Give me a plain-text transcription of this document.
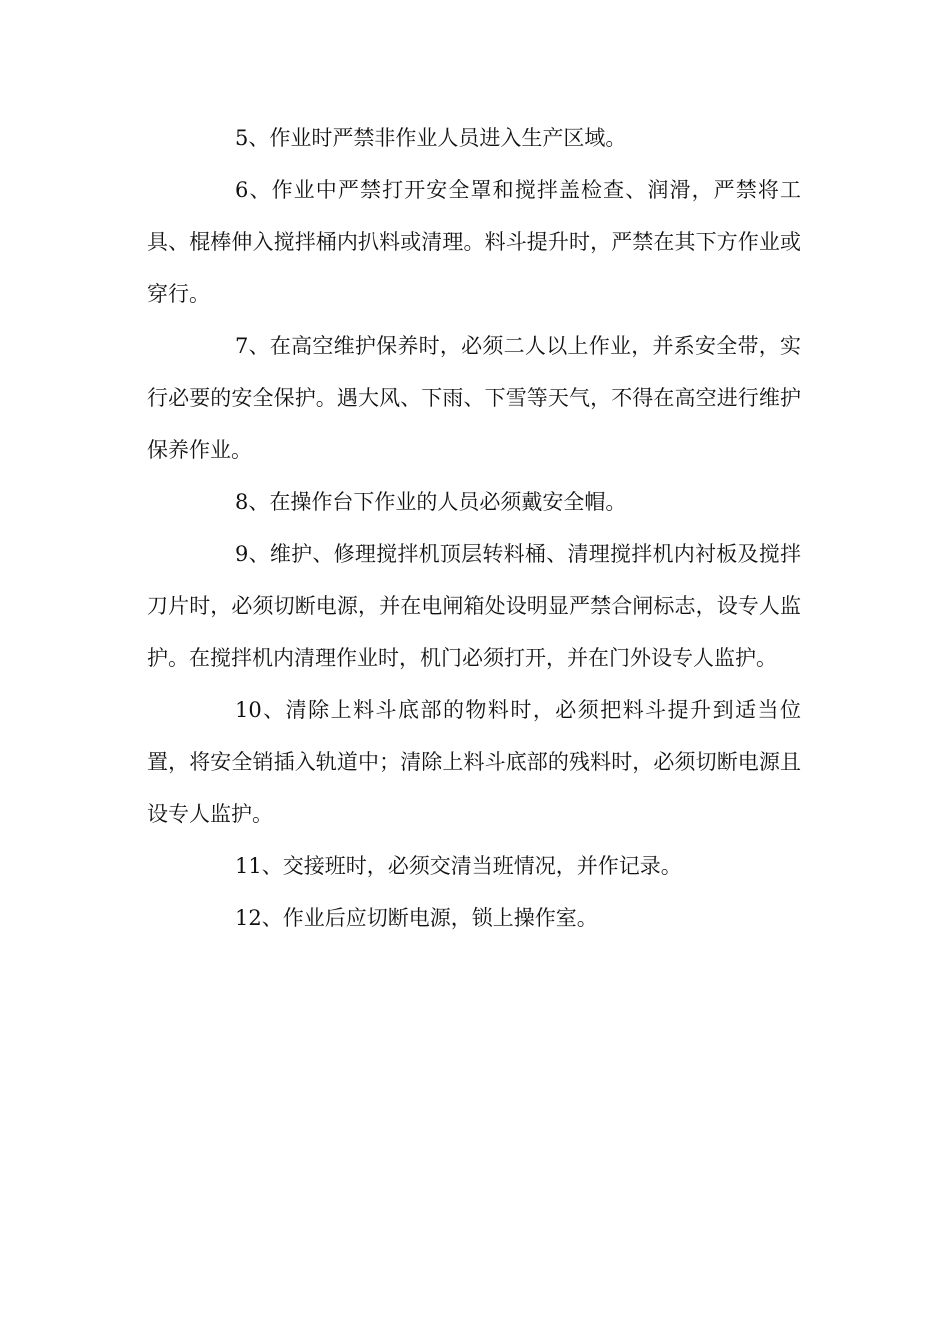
5、作业时严禁非作业人员进入生产区域。

6、作业中严禁打开安全罩和搅拌盖检查、润滑，严禁将工具、棍棒伸入搅拌桶内扒料或清理。料斗提升时，严禁在其下方作业或穿行。

7、在高空维护保养时，必须二人以上作业，并系安全带，实行必要的安全保护。遇大风、下雨、下雪等天气，不得在高空进行维护保养作业。

8、在操作台下作业的人员必须戴安全帽。

9、维护、修理搅拌机顶层转料桶、清理搅拌机内衬板及搅拌刀片时，必须切断电源，并在电闸箱处设明显严禁合闸标志，设专人监护。在搅拌机内清理作业时，机门必须打开，并在门外设专人监护。

10、清除上料斗底部的物料时，必须把料斗提升到适当位置，将安全销插入轨道中；清除上料斗底部的残料时，必须切断电源且设专人监护。

11、交接班时，必须交清当班情况，并作记录。

12、作业后应切断电源，锁上操作室。
